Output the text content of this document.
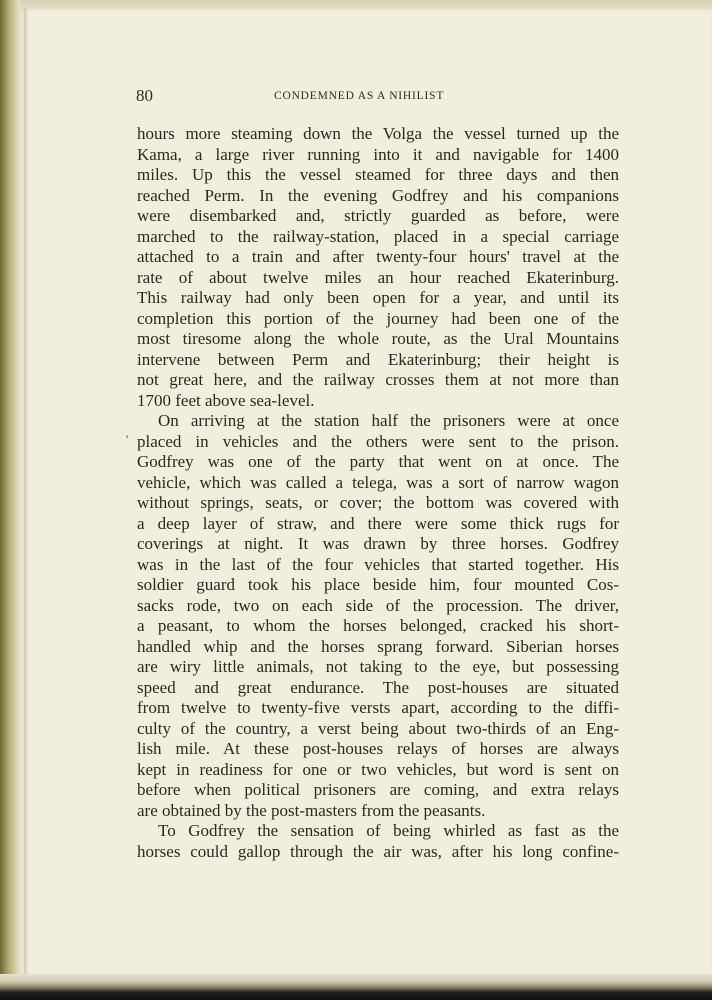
80	CONDEMNED AS A NIHILIST
'
hours more steaming down the Volga the vessel turned up the
Kama, a large river running into it and navigable for 1400
miles. Up this the vessel steamed for three days and then
reached Perm. In the evening Godfrey and his companions
were disembarked and, strictly guarded as before, were
marched to the railway-station, placed in a special carriage
attached to a train and after twenty-four hours' travel at the
rate of about twelve miles an hour reached Ekaterinburg.
This railway had only been open for a year, and until its
completion this portion of the journey had been one of the
most tiresome along the whole route, as the Ural Mountains
intervene between Perm and Ekaterinburg; their height is
not great here, and the railway crosses them at not more than
1700 feet above sea-level.
On arriving at the station half the prisoners were at once
placed in vehicles and the others were sent to the prison.
Godfrey was one of the party that went on at once. The
vehicle, which was called a telega, was a sort of narrow wagon
without springs, seats, or cover; the bottom was covered with
a deep layer of straw, and there were some thick rugs for
coverings at night. It was drawn by three horses. Godfrey
was in the last of the four vehicles that started together. His
soldier guard took his place beside him, four mounted Cos-
sacks rode, two on each side of the procession. The driver,
a peasant, to whom the horses belonged, cracked his short-
handled whip and the horses sprang forward. Siberian horses
are wiry little animals, not taking to the eye, but possessing
speed and great endurance. The post-houses are situated
from twelve to twenty-five versts apart, according to the diffi-
culty of the country, a verst being about two-thirds of an Eng-
lish mile. At these post-houses relays of horses are always
kept in readiness for one or two vehicles, but word is sent on
before when political prisoners are coming, and extra relays
are obtained by the post-masters from the peasants.
To Godfrey the sensation of being whirled as fast as the
horses could gallop through the air was, after his long confine-
